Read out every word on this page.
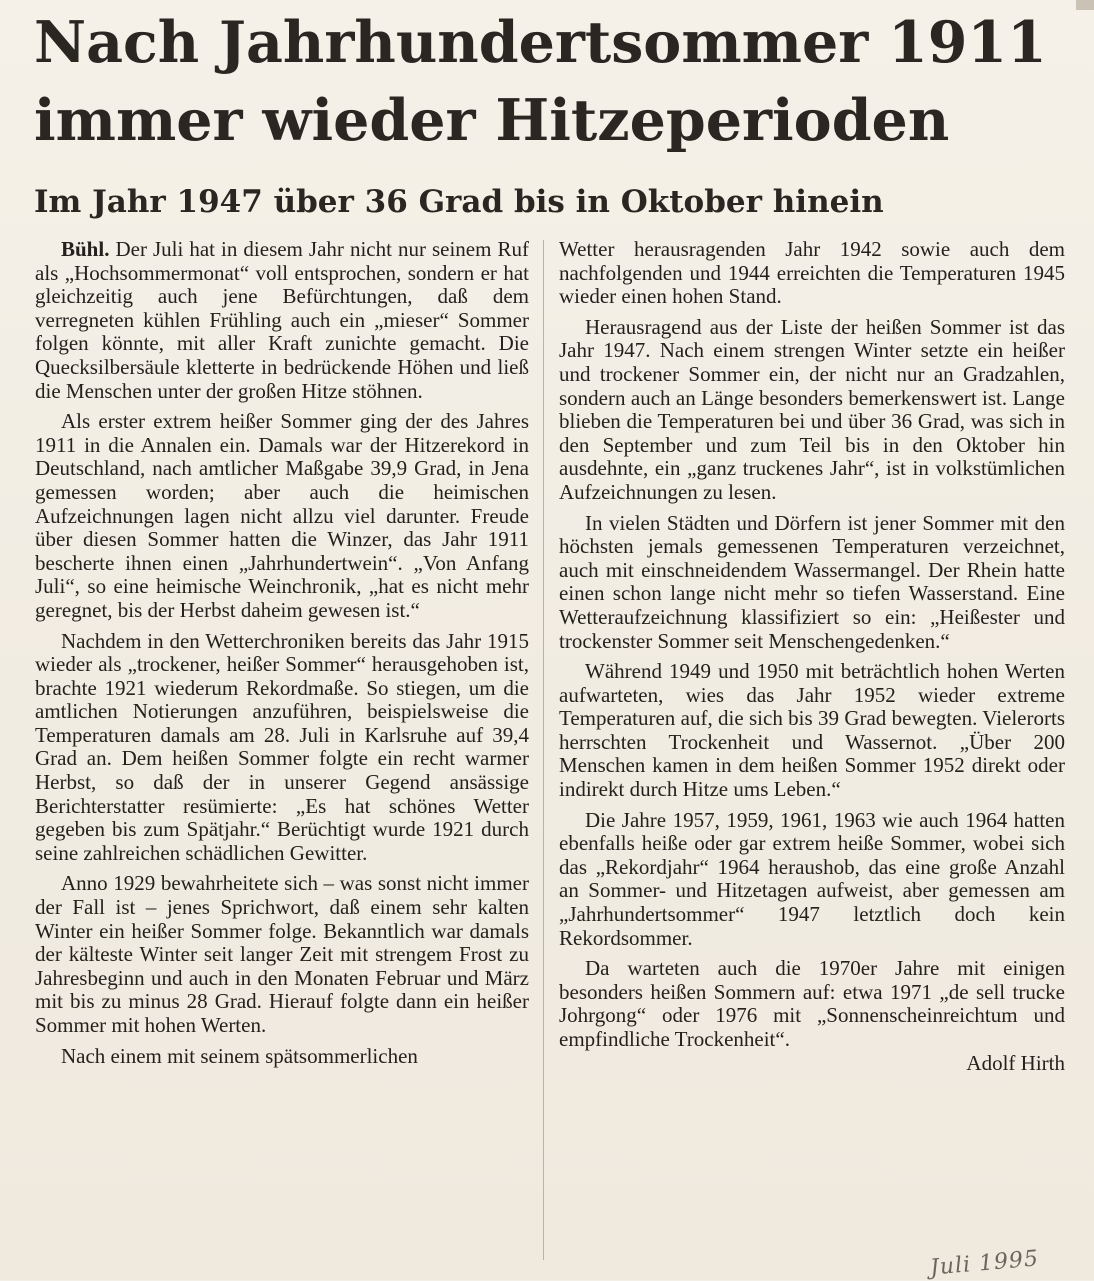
Nach Jahrhundertsommer 1911
immer wieder Hitzeperioden
Im Jahr 1947 über 36 Grad bis in Oktober hinein

Bühl. Der Juli hat in diesem Jahr nicht nur seinem Ruf als „Hochsommermonat“ voll entsprochen, sondern er hat gleichzeitig auch jene Befürchtungen, daß dem verregneten kühlen Frühling auch ein „mieser“ Sommer folgen könnte, mit aller Kraft zunichte gemacht. Die Quecksilbersäule kletterte in bedrückende Höhen und ließ die Menschen unter der großen Hitze stöhnen.

Als erster extrem heißer Sommer ging der des Jahres 1911 in die Annalen ein. Damals war der Hitzerekord in Deutschland, nach amtlicher Maßgabe 39,9 Grad, in Jena gemessen worden; aber auch die heimischen Aufzeichnungen lagen nicht allzu viel darunter. Freude über diesen Sommer hatten die Winzer, das Jahr 1911 bescherte ihnen einen „Jahrhundertwein“. „Von Anfang Juli“, so eine heimische Weinchronik, „hat es nicht mehr geregnet, bis der Herbst daheim gewesen ist.“

Nachdem in den Wetterchroniken bereits das Jahr 1915 wieder als „trockener, heißer Sommer“ herausgehoben ist, brachte 1921 wiederum Rekordmaße. So stiegen, um die amtlichen Notierungen anzuführen, beispielsweise die Temperaturen damals am 28. Juli in Karlsruhe auf 39,4 Grad an. Dem heißen Sommer folgte ein recht warmer Herbst, so daß der in unserer Gegend ansässige Berichterstatter resümierte: „Es hat schönes Wetter gegeben bis zum Spätjahr.“ Berüchtigt wurde 1921 durch seine zahlreichen schädlichen Gewitter.

Anno 1929 bewahrheitete sich – was sonst nicht immer der Fall ist – jenes Sprichwort, daß einem sehr kalten Winter ein heißer Sommer folge. Bekanntlich war damals der kälteste Winter seit langer Zeit mit strengem Frost zu Jahresbeginn und auch in den Monaten Februar und März mit bis zu minus 28 Grad. Hierauf folgte dann ein heißer Sommer mit hohen Werten.

Nach einem mit seinem spätsommerlichen

Wetter herausragenden Jahr 1942 sowie auch dem nachfolgenden und 1944 erreichten die Temperaturen 1945 wieder einen hohen Stand.

Herausragend aus der Liste der heißen Sommer ist das Jahr 1947. Nach einem strengen Winter setzte ein heißer und trockener Sommer ein, der nicht nur an Gradzahlen, sondern auch an Länge besonders bemerkenswert ist. Lange blieben die Temperaturen bei und über 36 Grad, was sich in den September und zum Teil bis in den Oktober hin ausdehnte, ein „ganz truckenes Jahr“, ist in volkstümlichen Aufzeichnungen zu lesen.

In vielen Städten und Dörfern ist jener Sommer mit den höchsten jemals gemessenen Temperaturen verzeichnet, auch mit einschneidendem Wassermangel. Der Rhein hatte einen schon lange nicht mehr so tiefen Wasserstand. Eine Wetteraufzeichnung klassifiziert so ein: „Heißester und trockenster Sommer seit Menschengedenken.“

Während 1949 und 1950 mit beträchtlich hohen Werten aufwarteten, wies das Jahr 1952 wieder extreme Temperaturen auf, die sich bis 39 Grad bewegten. Vielerorts herrschten Trockenheit und Wassernot. „Über 200 Menschen kamen in dem heißen Sommer 1952 direkt oder indirekt durch Hitze ums Leben.“

Die Jahre 1957, 1959, 1961, 1963 wie auch 1964 hatten ebenfalls heiße oder gar extrem heiße Sommer, wobei sich das „Rekordjahr“ 1964 heraushob, das eine große Anzahl an Sommer- und Hitzetagen aufweist, aber gemessen am „Jahrhundertsommer“ 1947 letztlich doch kein Rekordsommer.

Da warteten auch die 1970er Jahre mit einigen besonders heißen Sommern auf: etwa 1971 „de sell trucke Johrgong“ oder 1976 mit „Sonnenscheinreichtum und empfindliche Trockenheit“.

Adolf Hirth
Juli 1995
